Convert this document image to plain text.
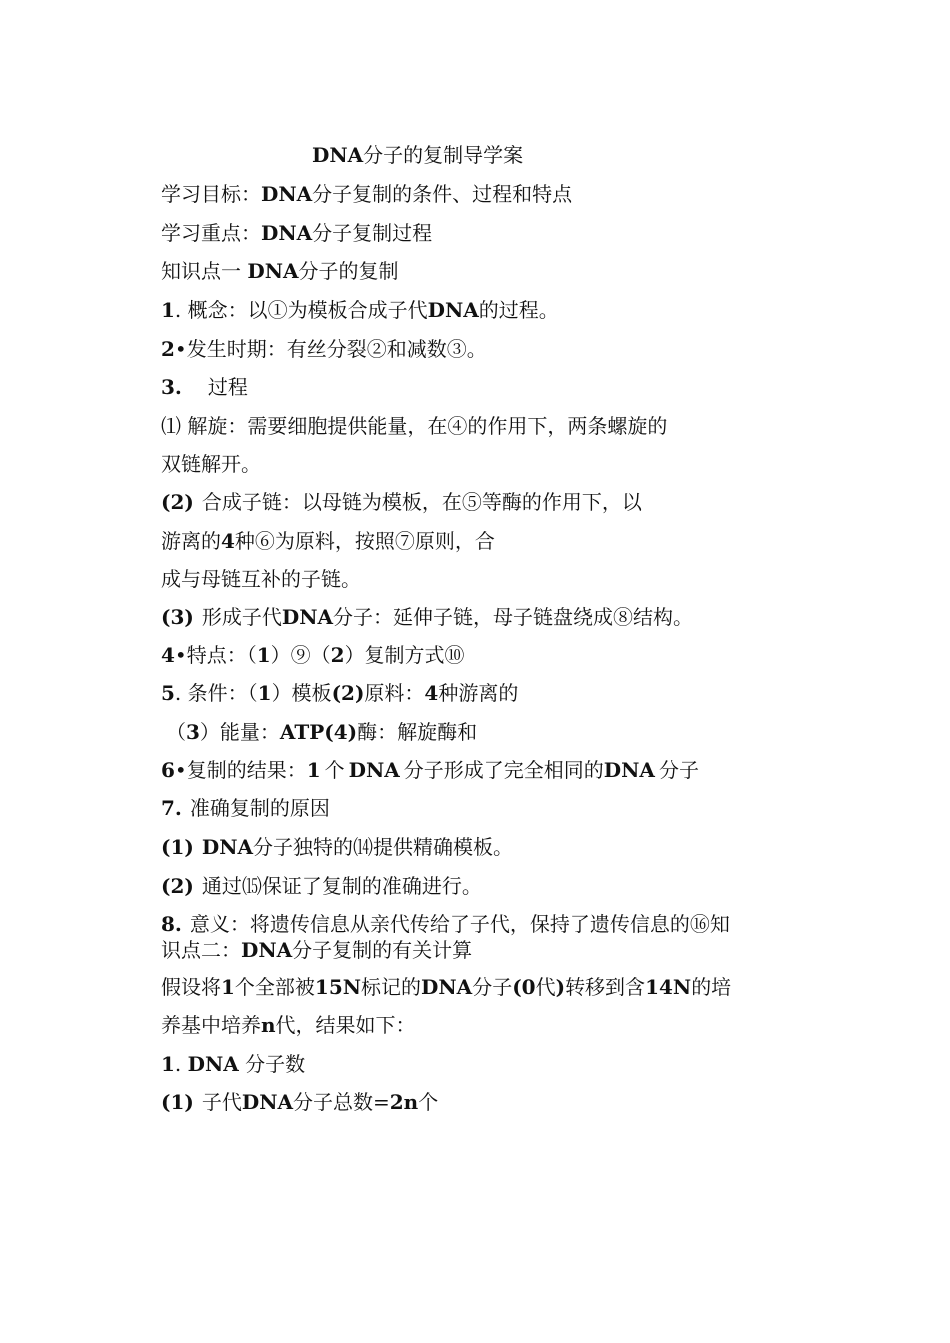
DNA分子的复制导学案
学习目标：DNA分子复制的条件、过程和特点
学习重点：DNA分子复制过程
知识点一 DNA分子的复制
1. 概念：以①为模板合成子代DNA的过程。
2•发生时期：有丝分裂②和减数③。
3. 过程
⑴ 解旋：需要细胞提供能量，在④的作用下，两条螺旋的
双链解开。
(2) 合成子链：以母链为模板，在⑤等酶的作用下，以
游离的4种⑥为原料，按照⑦原则，合
成与母链互补的子链。
(3) 形成子代DNA分子：延伸子链，母子链盘绕成⑧结构。
4•特点：（1）⑨（2）复制方式⑩
5. 条件：（1）模板(2)原料：4种游离的
（3）能量：ATP(4)酶：解旋酶和
6•复制的结果：1 个 DNA 分子形成了完全相同的DNA 分子
7. 准确复制的原因
(1) DNA分子独特的⒁提供精确模板。
(2) 通过⒂保证了复制的准确进行。
8. 意义：将遗传信息从亲代传给了子代，保持了遗传信息的⑯知
识点二：DNA分子复制的有关计算
假设将1个全部被15N标记的DNA分子(0代)转移到含14N的培
养基中培养n代，结果如下：
1. DNA 分子数
(1) 子代DNA分子总数=2n个
